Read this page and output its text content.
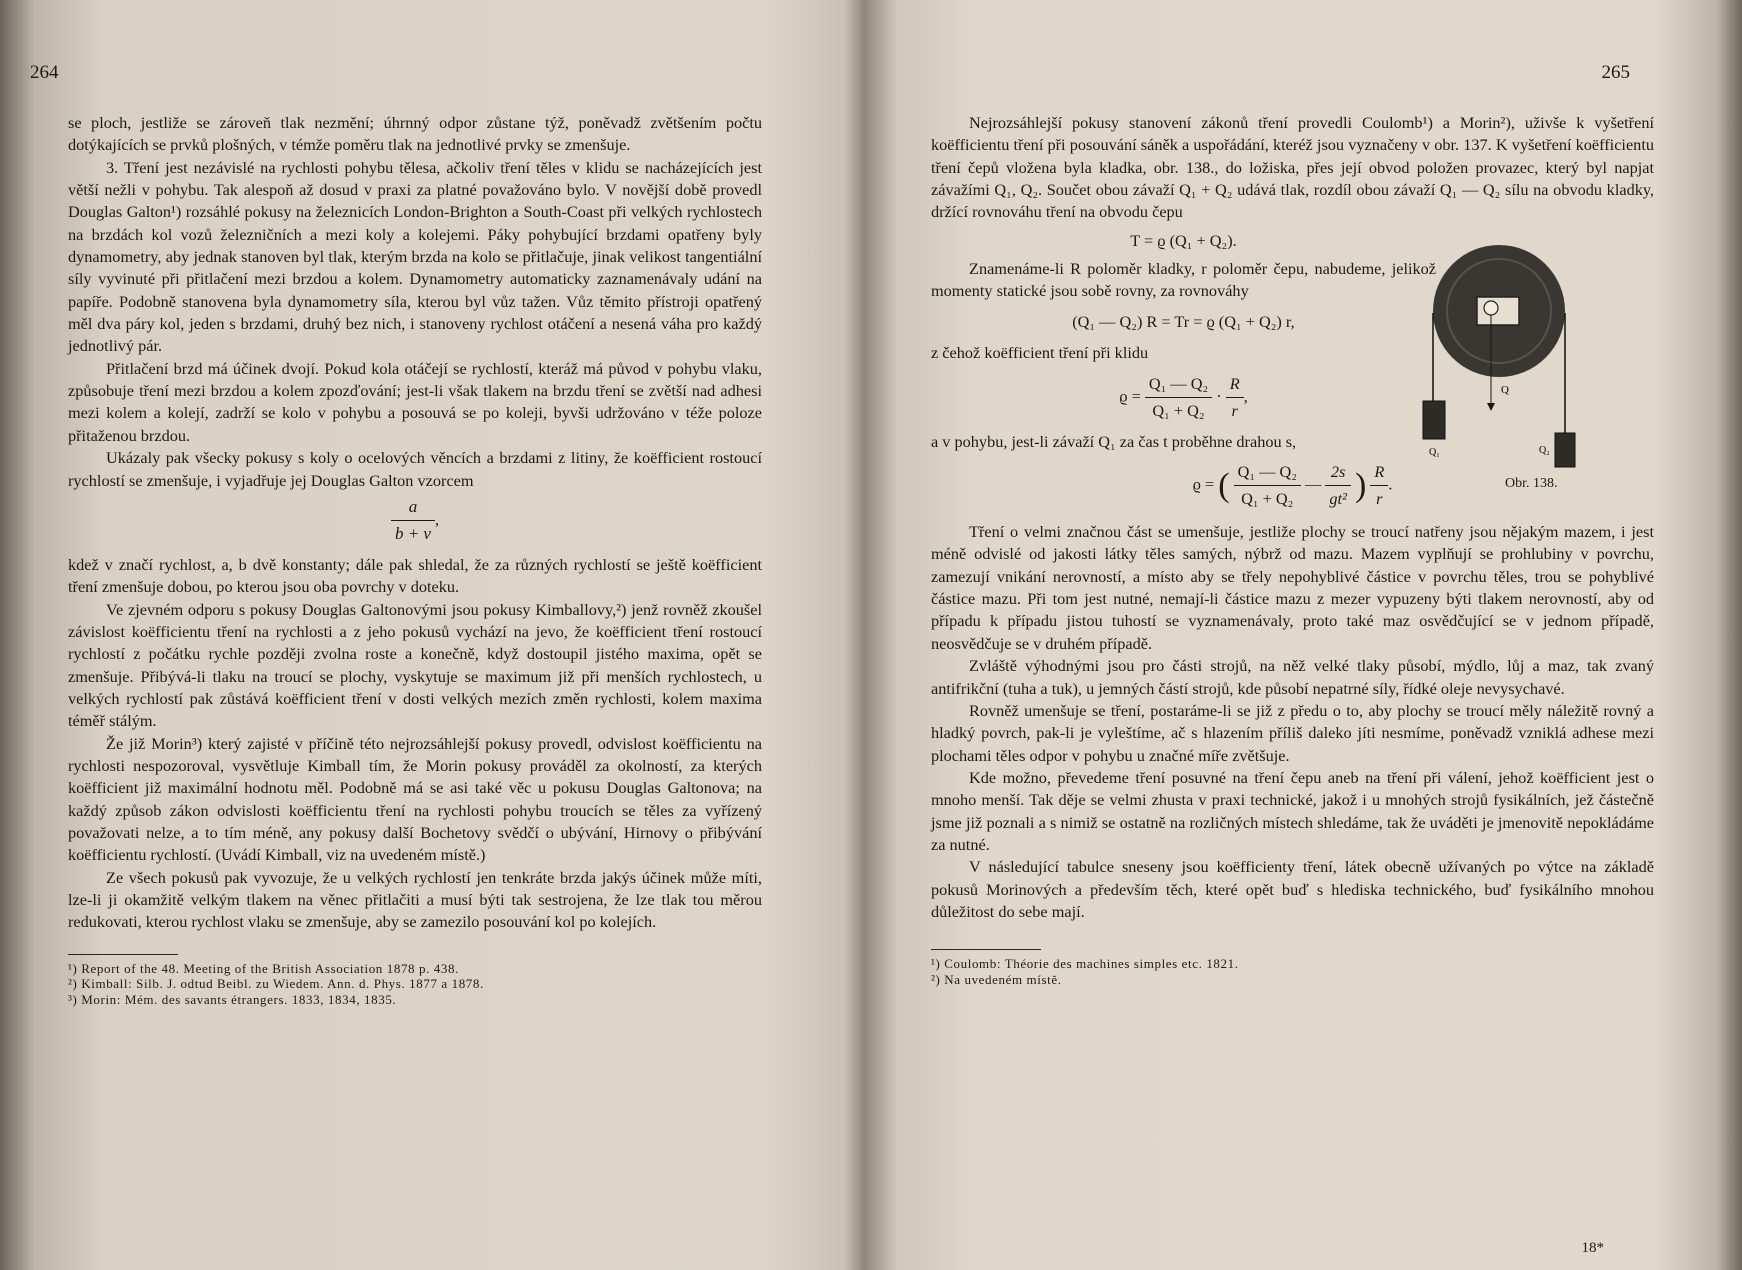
264

se ploch, jestliže se zároveň tlak nezmění; úhrnný odpor zůstane týž, poněvadž zvětšením počtu dotýkajících se prvků plošných, v témže poměru tlak na jednotlivé prvky se zmenšuje.

3. Tření jest nezávislé na rychlosti pohybu tělesa, ačkoliv tření těles v klidu se nacházejících jest větší nežli v pohybu. Tak alespoň až dosud v praxi za platné považováno bylo. V novější době provedl Douglas Galton¹) rozsáhlé pokusy na železnicích London-Brighton a South-Coast při velkých rychlostech na brzdách kol vozů železničních a mezi koly a kolejemi. Páky pohybující brzdami opatřeny byly dynamometry, aby jednak stanoven byl tlak, kterým brzda na kolo se přitlačuje, jinak velikost tangentiální síly vyvinuté při přitlačení mezi brzdou a kolem. Dynamometry automaticky zaznamenávaly udání na papíře. Podobně stanovena byla dynamometry síla, kterou byl vůz tažen. Vůz těmito přístroji opatřený měl dva páry kol, jeden s brzdami, druhý bez nich, i stanoveny rychlost otáčení a nesená váha pro každý jednotlivý pár.

Přitlačení brzd má účinek dvojí. Pokud kola otáčejí se rychlostí, kteráž má původ v pohybu vlaku, způsobuje tření mezi brzdou a kolem zpozďování; jest-li však tlakem na brzdu tření se zvětší nad adhesi mezi kolem a kolejí, zadrží se kolo v pohybu a posouvá se po koleji, byvši udržováno v téže poloze přitaženou brzdou.

Ukázaly pak všecky pokusy s koly o ocelových věncích a brzdami z litiny, že koëfficient rostoucí rychlostí se zmenšuje, i vyjadřuje jej Douglas Galton vzorcem

$\frac{a}{b + v}$ ,

kdež v značí rychlost, a, b dvě konstanty; dále pak shledal, že za různých rychlostí se ještě koëfficient tření zmenšuje dobou, po kterou jsou oba povrchy v doteku.

Ve zjevném odporu s pokusy Douglas Galtonovými jsou pokusy Kimballovy,²) jenž rovněž zkoušel závislost koëfficientu tření na rychlosti a z jeho pokusů vychází na jevo, že koëfficient tření rostoucí rychlostí z počátku rychle později zvolna roste a konečně, když dostoupil jistého maxima, opět se zmenšuje. Přibývá-li tlaku na troucí se plochy, vyskytuje se maximum již při menších rychlostech, u velkých rychlostí pak zůstává koëfficient tření v dosti velkých mezích změn rychlosti, kolem maxima téměř stálým.

Že již Morin³) který zajisté v příčině této nejrozsáhlejší pokusy provedl, odvislost koëfficientu na rychlosti nespozoroval, vysvětluje Kimball tím, že Morin pokusy prováděl za okolností, za kterých koëfficient již maximální hodnotu měl. Podobně má se asi také věc u pokusu Douglas Galtonova; na každý způsob zákon odvislosti koëfficientu tření na rychlosti pohybu troucích se těles za vyřízený považovati nelze, a to tím méně, any pokusy další Bochetovy svědčí o ubývání, Hirnovy o přibývání koëfficientu rychlostí. (Uvádí Kimball, viz na uvedeném místě.)

Ze všech pokusů pak vyvozuje, že u velkých rychlostí jen tenkráte brzda jakýs účinek může míti, lze-li ji okamžitě velkým tlakem na věnec přitlačiti a musí býti tak sestrojena, že lze tlak tou měrou redukovati, kterou rychlost vlaku se zmenšuje, aby se zamezilo posouvání kol po kolejích.

¹) Report of the 48. Meeting of the British Association 1878 p. 438.
²) Kimball: Silb. J. odtud Beibl. zu Wiedem. Ann. d. Phys. 1877 a 1878.
³) Morin: Mém. des savants étrangers. 1833, 1834, 1835.
265

Nejrozsáhlejší pokusy stanovení zákonů tření provedli Coulomb¹) a Morin²), uživše k vyšetření koëfficientu tření při posouvání sáněk a uspořádání, kteréž jsou vyznačeny v obr. 137. K vyšetření koëfficientu tření čepů vložena byla kladka, obr. 138., do ložiska, přes její obvod položen provazec, který byl napjat závažími Q₁, Q₂. Součet obou závaží Q₁ + Q₂ udává tlak, rozdíl obou závaží Q₁ — Q₂ sílu na obvodu kladky, držící rovnováhu tření na obvodu čepu

T = ϱ (Q₁ + Q₂).

Znamenáme-li R poloměr kladky, r poloměr čepu, nabudeme, jelikož momenty statické jsou sobě rovny, za rovnováhy

(Q₁ — Q₂) R = Tr = ϱ (Q₁ + Q₂) r,

z čehož koëfficient tření při klidu

$ϱ = \frac{\text{Q₁ — Q₂}}{\text{Q₁ + Q₂}} \cdot \frac{R}{r}$ ,

a v pohybu, jest-li závaží Q₁ za čas t proběhne drahou s,

ϱ = ( $\frac{\text{Q₁ — Q₂}}{\text{Q₁ + Q₂}}$ — $\frac{2s}{\text{gt²}}$ ) $\frac{R}{r}$ .

Tření o velmi značnou část se umenšuje, jestliže plochy se troucí natřeny jsou nějakým mazem, i jest méně odvislé od jakosti látky těles samých, nýbrž od mazu. Mazem vyplňují se prohlubiny v povrchu, zamezují vnikání nerovností, a místo aby se třely nepohyblivé částice v povrchu těles, trou se pohyblivé částice mazu. Při tom jest nutné, nemají-li částice mazu z mezer vypuzeny býti tlakem nerovností, aby od případu k případu jistou tuhostí se vyznamenávaly, proto také maz osvědčující se v jednom případě, neosvědčuje se v druhém případě.

Zvláště výhodnými jsou pro části strojů, na něž velké tlaky působí, mýdlo, lůj a maz, tak zvaný antifrikční (tuha a tuk), u jemných částí strojů, kde působí nepatrné síly, řídké oleje nevysychavé.

Rovněž umenšuje se tření, postaráme-li se již z předu o to, aby plochy se troucí měly náležitě rovný a hladký povrch, pak-li je vyleštíme, ač s hlazením příliš daleko jíti nesmíme, poněvadž vzniklá adhese mezi plochami těles odpor v pohybu u značné míře zvětšuje.

Kde možno, převedeme tření posuvné na tření čepu aneb na tření při válení, jehož koëfficient jest o mnoho menší. Tak děje se velmi zhusta v praxi technické, jakož i u mnohých strojů fysikálních, jež částečně jsme již poznali a s nimiž se ostatně na rozličných místech shledáme, tak že uváděti je jmenovitě nepokládáme za nutné.

V následující tabulce sneseny jsou koëfficienty tření, látek obecně užívaných po výtce na základě pokusů Morinových a především těch, které opět buď s hlediska technického, buď fysikálního mnohou důležitost do sebe mají.

¹) Coulomb: Théorie des machines simples etc. 1821.
²) Na uvedeném místě.
Q
Q₁	Q₂
Obr. 138.
18*
